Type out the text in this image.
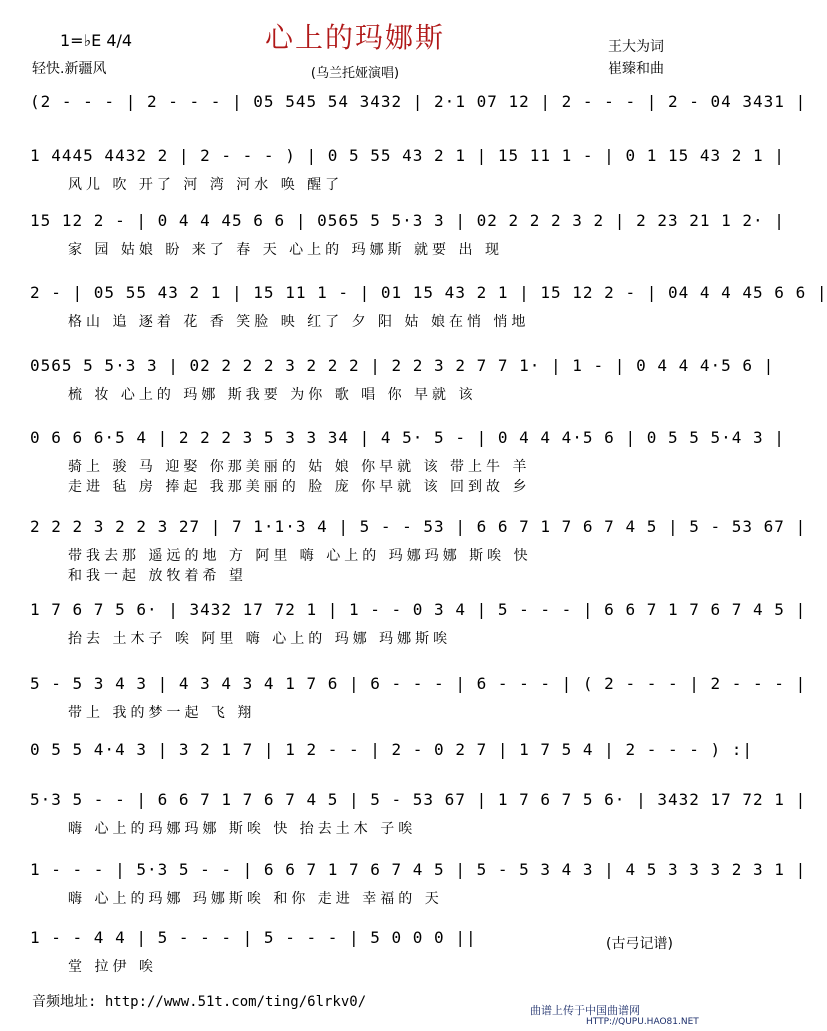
心上的玛娜斯
(乌兰托娅演唱)
1=♭E 4/4
轻快.新疆风
王大为词
崔臻和曲
(2 - - - | 2 - - - | 05 545 54 3432 | 2·1 07 12 | 2 - - - | 2 - 04 3431 |
1 4445 4432 2 | 2 - - - ) | 0 5 55 43 2 1 | 15 11 1 - | 0 1 15 43 2 1 |
风儿 吹 开了 河 湾 河水 唤 醒了
15 12 2 - | 0 4 4 45 6 6 | 0565 5 5·3 3 | 02 2 2 2 3 2 | 2 23 21 1 2· |
家 园 姑娘 盼 来了 春 天 心上的 玛娜斯 就要 出 现
2 - | 05 55 43 2 1 | 15 11 1 - | 01 15 43 2 1 | 15 12 2 - | 04 4 4 45 6 6 |
格山 追 逐着 花 香 笑脸 映 红了 夕 阳 姑 娘在悄 悄地
0565 5 5·3 3 | 02 2 2 2 3 2 2 2 | 2 2 3 2 7 7 1· | 1 - | 0 4 4 4·5 6 |
梳 妆 心上的 玛娜 斯我要 为你 歌 唱 你 早就 该
0 6 6 6·5 4 | 2 2 2 3 5 3 3 34 | 4 5· 5 - | 0 4 4 4·5 6 | 0 5 5 5·4 3 |
骑上 骏 马 迎娶 你那美丽的 姑 娘 你早就 该 带上牛 羊
走进 毡 房 捧起 我那美丽的 脸 庞 你早就 该 回到故 乡
2 2 2 3 2 2 3 27 | 7 1·1·3 4 | 5 - - 53 | 6 6 7 1 7 6 7 4 5 | 5 - 53 67 |
带我去那 遥远的地 方 阿里 嗨 心上的 玛娜玛娜 斯唉 快
和我一起 放牧着希 望
1 7 6 7 5 6· | 3432 17 72 1 | 1 - - 0 3 4 | 5 - - - | 6 6 7 1 7 6 7 4 5 |
抬去 土木子 唉 阿里 嗨 心上的 玛娜 玛娜斯唉
5 - 5 3 4 3 | 4 3 4 3 4 1 7 6 | 6 - - - | 6 - - - | ( 2 - - - | 2 - - - |
带上 我的梦一起 飞 翔
0 5 5 4·4 3 | 3 2 1 7 | 1 2 - - | 2 - 0 2 7 | 1 7 5 4 | 2 - - - ) :|
5·3 5 - - | 6 6 7 1 7 6 7 4 5 | 5 - 53 67 | 1 7 6 7 5 6· | 3432 17 72 1 |
嗨 心上的玛娜玛娜 斯唉 快 抬去土木 子唉
1 - - - | 5·3 5 - - | 6 6 7 1 7 6 7 4 5 | 5 - 5 3 4 3 | 4 5 3 3 3 2 3 1 |
嗨 心上的玛娜 玛娜斯唉 和你 走进 幸福的 天
1 - - 4 4 | 5 - - - | 5 - - - | 5 0 0 0 ||
堂 拉伊 唉
(古弓记谱)
音频地址: http://www.51t.com/ting/6lrkv0/
曲谱上传于中国曲谱网
HTTP://QUPU.HAO81.NET
